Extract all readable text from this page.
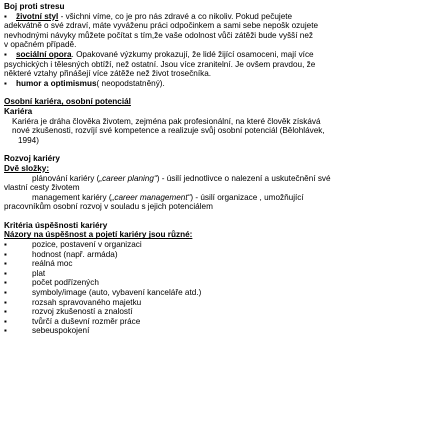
Boj proti stresu
▪ životní styl - všichni víme, co je pro nás zdravé a co nikoliv. Pokud pečujete
adekvátně o své zdraví, máte vyváženu práci odpočinkem a sami sebe nepošk ozujete
nevhodnými návyky můžete počítat s tím,že vaše odolnost vůči zátěži bude vyšší než
v opačném případě.
▪ sociální opora. Opakované výzkumy prokazují, že lidé žijící osamoceni, mají více
psychických i tělesných obtíží, než ostatní. Jsou více zranitelní. Je ovšem pravdou, že
některé vztahy přinášejí více zátěže než život trosečníka.
▪ humor a optimismus( neopodstatněný).
Osobní kariéra, osobní potenciál
Kariéra
Kariéra je dráha člověka životem, zejména pak profesionální, na které člověk získává
nové zkušenosti, rozvíjí své kompetence a realizuje svůj osobní potenciál (Bělohlávek,
1994)
Rozvoj kariéry
Dvě složky:
plánování kariéry („career planing“) - úsilí jednotlivce o nalezení a uskutečnění své
vlastní cesty životem
management kariéry („career management“) - úsilí organizace , umožňující
pracovníkům osobní rozvoj v souladu s jejich potenciálem
Kritéria úspěšnosti kariéry
Názory na úspěšnost a pojetí kariéry jsou různé:
▪pozice, postavení v organizaci
▪hodnost (např. armáda)
▪reálná moc
▪plat
▪počet podřízených
▪symboly/image (auto, vybavení kanceláře atd.)
▪rozsah spravovaného majetku
▪rozvoj zkušeností a znalostí
▪tvůrčí a duševní rozměr práce
▪sebeuspokojení
